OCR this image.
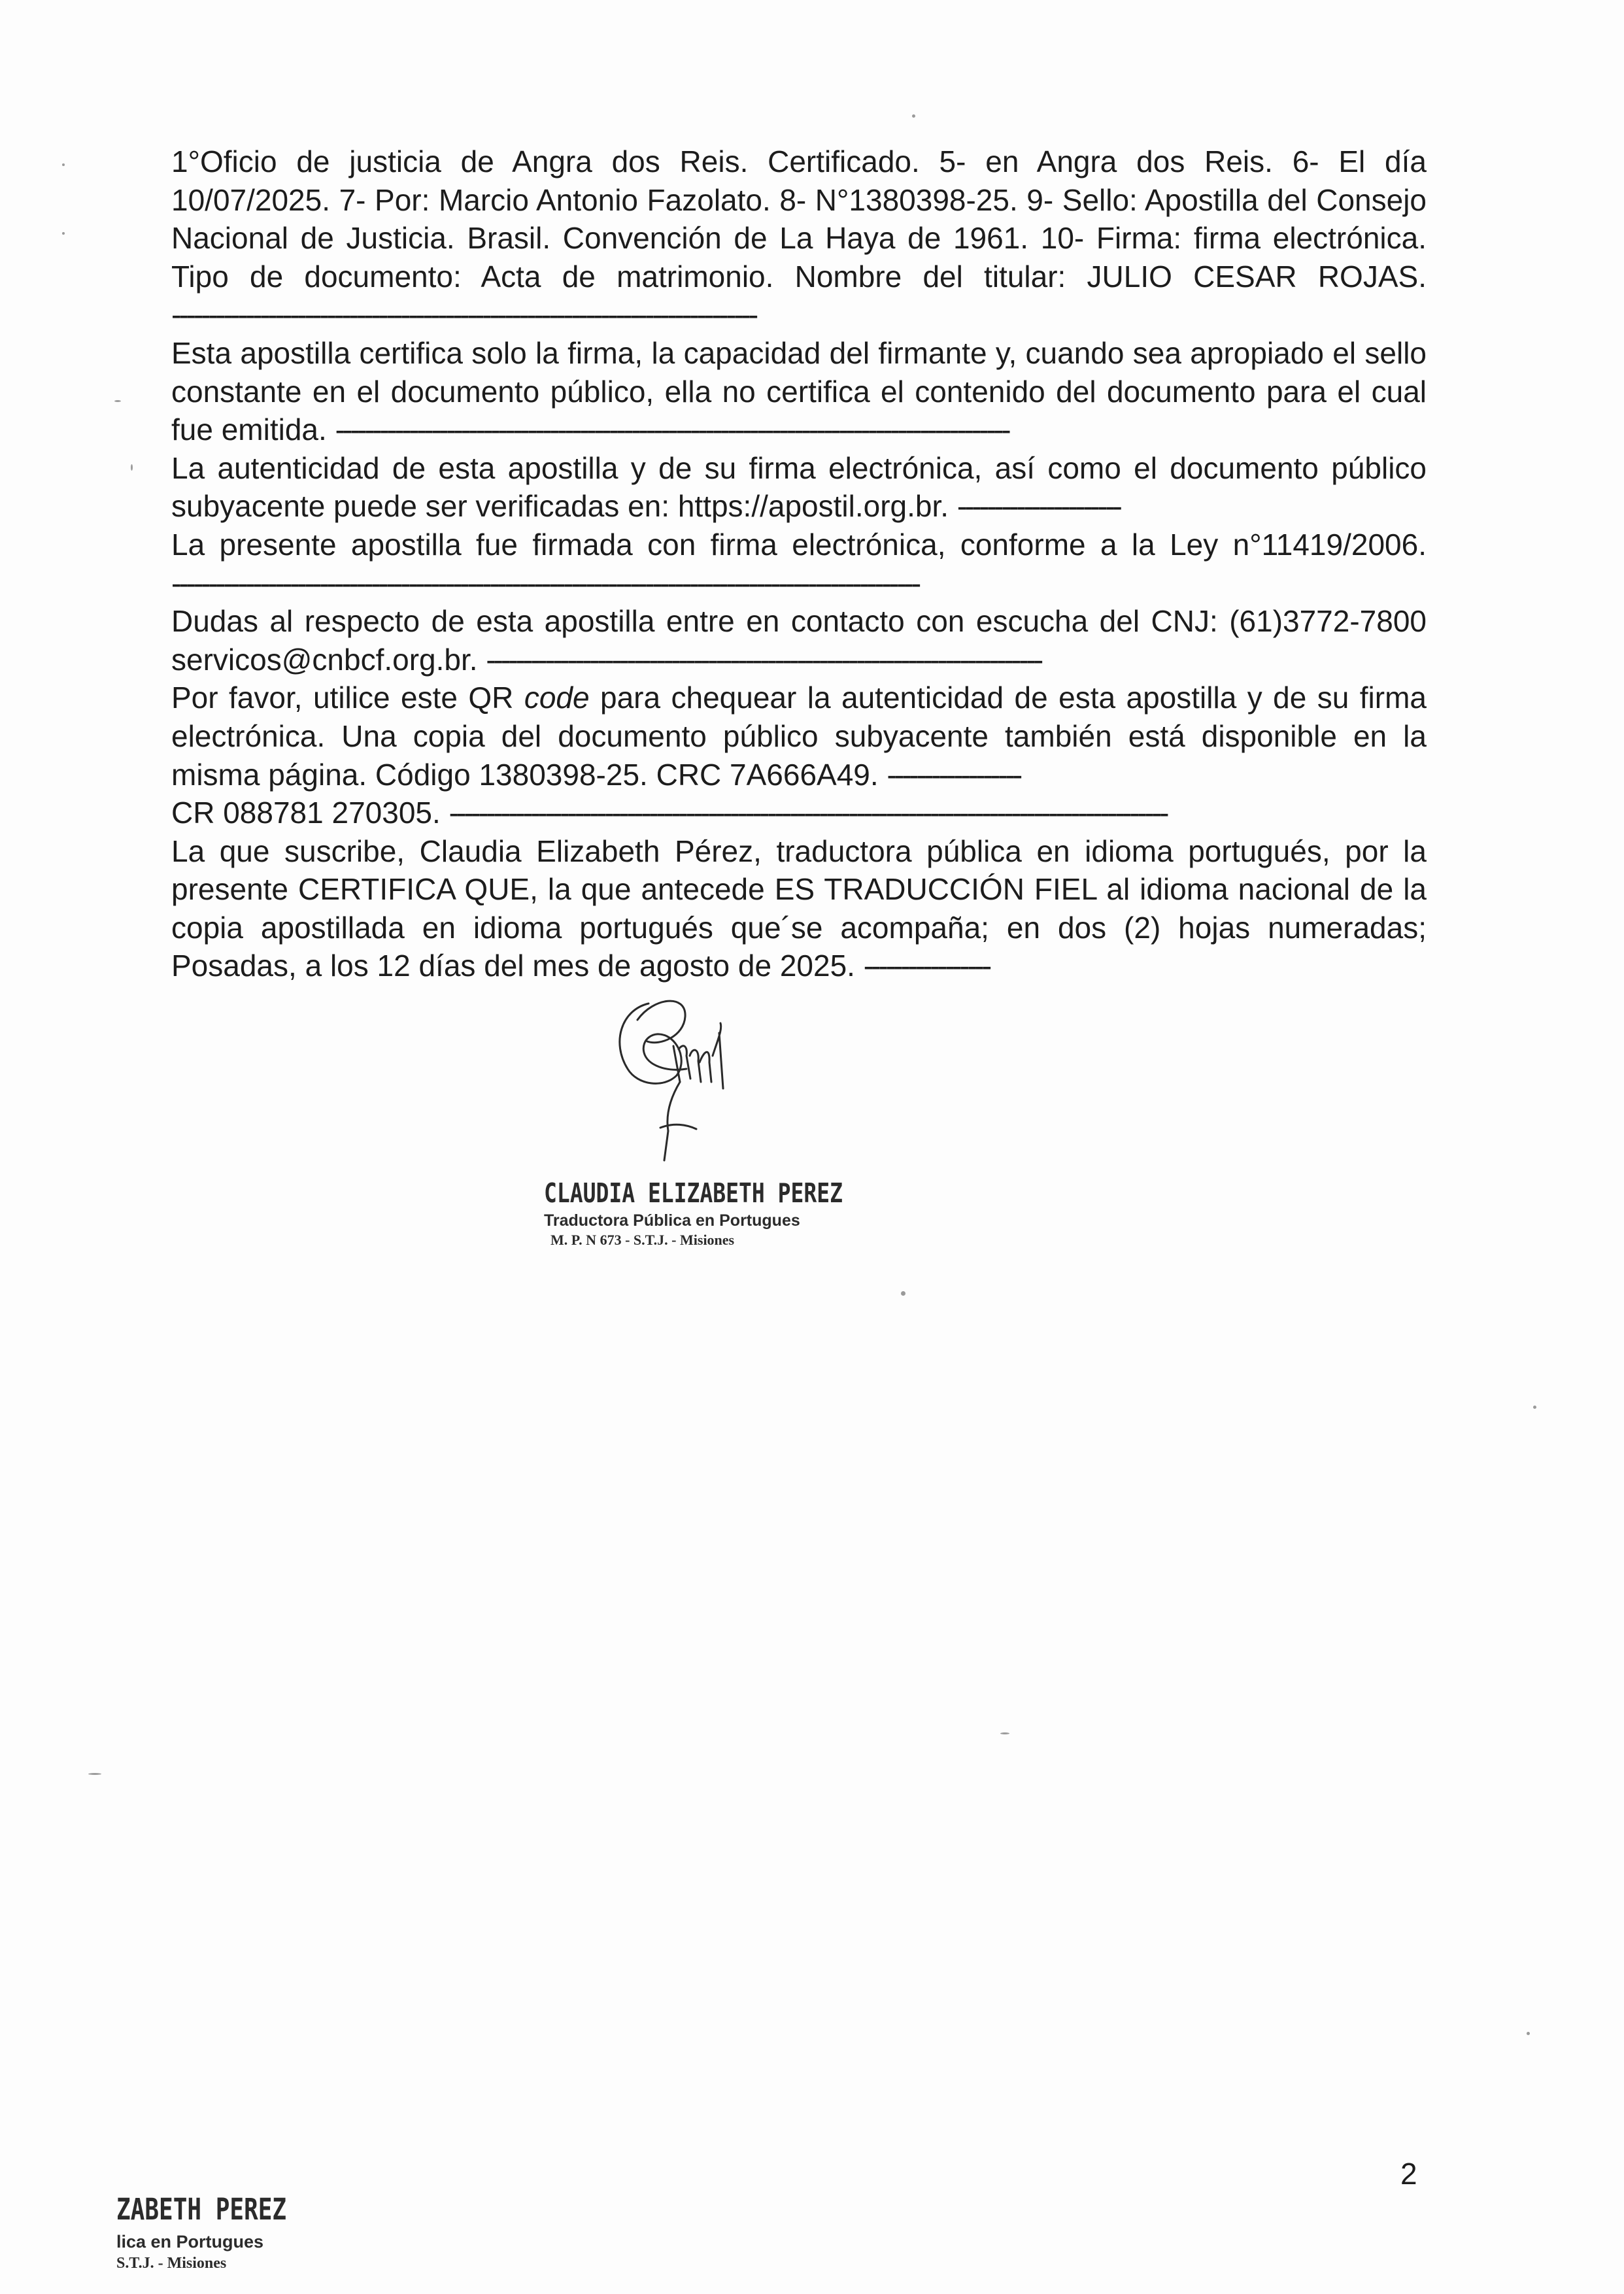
1°Oficio de justicia de Angra dos Reis. Certificado. 5- en Angra dos Reis. 6- El día 10/07/2025. 7- Por: Marcio Antonio Fazolato. 8- N°1380398-25. 9- Sello: Apostilla del Consejo Nacional de Justicia. Brasil. Convención de La Haya de 1961. 10- Firma: firma electrónica. Tipo de documento: Acta de matrimonio. Nombre del titular: JULIO CESAR ROJAS. -------------------------------------------------------------------------------

Esta apostilla certifica solo la firma, la capacidad del firmante y, cuando sea apropiado el sello constante en el documento público, ella no certifica el contenido del documento para el cual fue emitida. -------------------------------------------------------------------------------------------

La autenticidad de esta apostilla y de su firma electrónica, así como el documento público subyacente puede ser verificadas en: https://apostil.org.br. ----------------------

La presente apostilla fue firmada con firma electrónica, conforme a la Ley n°11419/2006. -----------------------------------------------------------------------------------------------------

Dudas al respecto de esta apostilla entre en contacto con escucha del CNJ: (61)3772-7800 servicos@cnbcf.org.br. ---------------------------------------------------------------------------

Por favor, utilice este QR code para chequear la autenticidad de esta apostilla y de su firma electrónica. Una copia del documento público subyacente también está disponible en la misma página. Código 1380398-25. CRC 7A666A49. ------------------

CR 088781 270305. -------------------------------------------------------------------------------------------------

La que suscribe, Claudia Elizabeth Pérez, traductora pública en idioma portugués, por la presente CERTIFICA QUE, la que antecede ES TRADUCCIÓN FIEL al idioma nacional de la copia apostillada en idioma portugués que´se acompaña; en dos (2) hojas numeradas; Posadas, a los 12 días del mes de agosto de 2025. -----------------

CLAUDIA ELIZABETH PEREZ
Traductora Pública en Portugues
M. P. N 673 - S.T.J. - Misiones
2
ZABETH PEREZ
lica en Portugues
S.T.J. - Misiones
